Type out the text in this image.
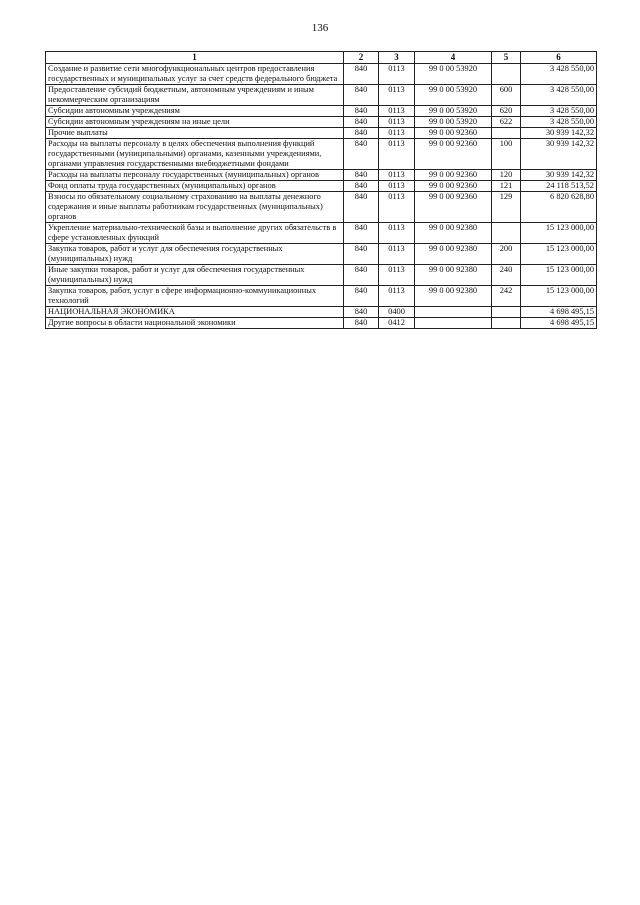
136
1	2	3	4	5	6
Создание и развитие сети многофункциональных центров предоставления государственных и муниципальных услуг за счет средств федерального бюджета	840	0113	99 0 00 53920		3 428 550,00
Предоставление субсидий бюджетным, автономным учреждениям и иным некоммерческим организациям	840	0113	99 0 00 53920	600	3 428 550,00
Субсидии автономным учреждениям	840	0113	99 0 00 53920	620	3 428 550,00
Субсидии автономным учреждениям на иные цели	840	0113	99 0 00 53920	622	3 428 550,00
Прочие выплаты	840	0113	99 0 00 92360		30 939 142,32
Расходы на выплаты персоналу в целях обеспечения выполнения функций государственными (муниципальными) органами, казенными учреждениями, органами управления государственными внебюджетными фондами	840	0113	99 0 00 92360	100	30 939 142,32
Расходы на выплаты персоналу государственных (муниципальных) органов	840	0113	99 0 00 92360	120	30 939 142,32
Фонд оплаты труда государственных (муниципальных) органов	840	0113	99 0 00 92360	121	24 118 513,52
Взносы по обязательному социальному страхованию на выплаты денежного содержания и иные выплаты работникам государственных (муниципальных) органов	840	0113	99 0 00 92360	129	6 820 628,80
Укрепление материально-технической базы и выполнение других обязательств в сфере установленных функций	840	0113	99 0 00 92380		15 123 000,00
Закупка товаров, работ и услуг для обеспечения государственных (муниципальных) нужд	840	0113	99 0 00 92380	200	15 123 000,00
Иные закупки товаров, работ и услуг для обеспечения государственных (муниципальных) нужд	840	0113	99 0 00 92380	240	15 123 000,00
Закупка товаров, работ, услуг в сфере информационно-коммуникационных технологий	840	0113	99 0 00 92380	242	15 123 000,00
НАЦИОНАЛЬНАЯ ЭКОНОМИКА	840	0400			4 698 495,15
Другие вопросы в области национальной экономики	840	0412			4 698 495,15
